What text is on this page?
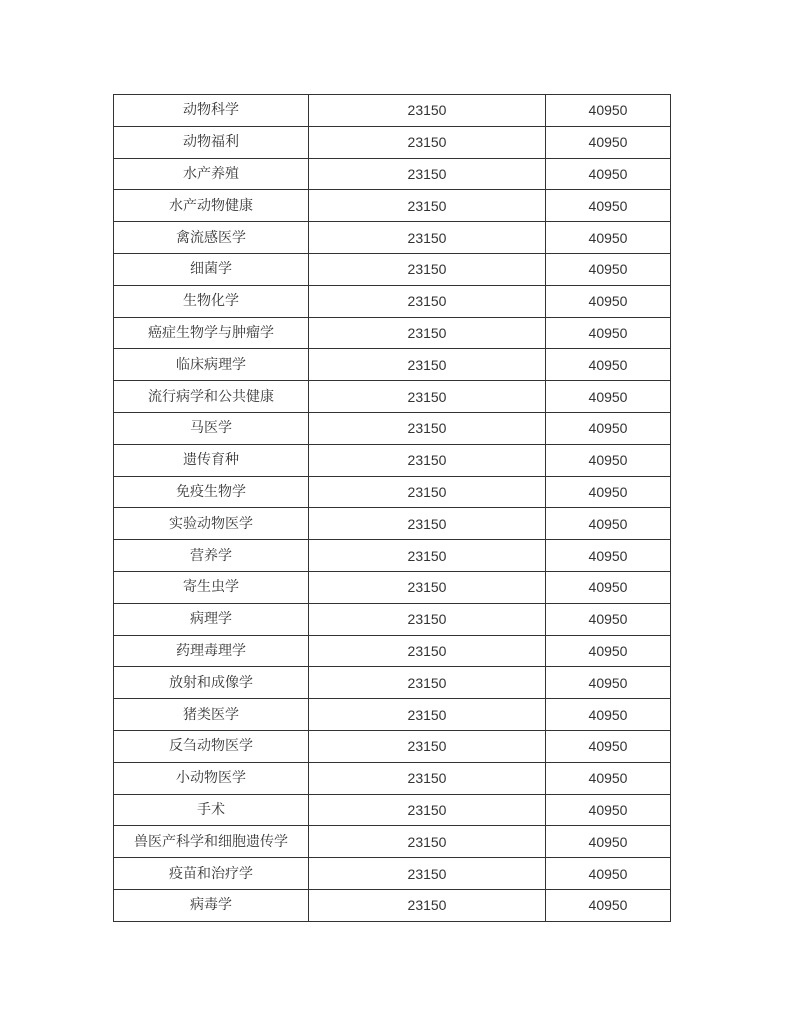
动物科学	23150	40950
动物福利	23150	40950
水产养殖	23150	40950
水产动物健康	23150	40950
禽流感医学	23150	40950
细菌学	23150	40950
生物化学	23150	40950
癌症生物学与肿瘤学	23150	40950
临床病理学	23150	40950
流行病学和公共健康	23150	40950
马医学	23150	40950
遗传育种	23150	40950
免疫生物学	23150	40950
实验动物医学	23150	40950
营养学	23150	40950
寄生虫学	23150	40950
病理学	23150	40950
药理毒理学	23150	40950
放射和成像学	23150	40950
猪类医学	23150	40950
反刍动物医学	23150	40950
小动物医学	23150	40950
手术	23150	40950
兽医产科学和细胞遗传学	23150	40950
疫苗和治疗学	23150	40950
病毒学	23150	40950
